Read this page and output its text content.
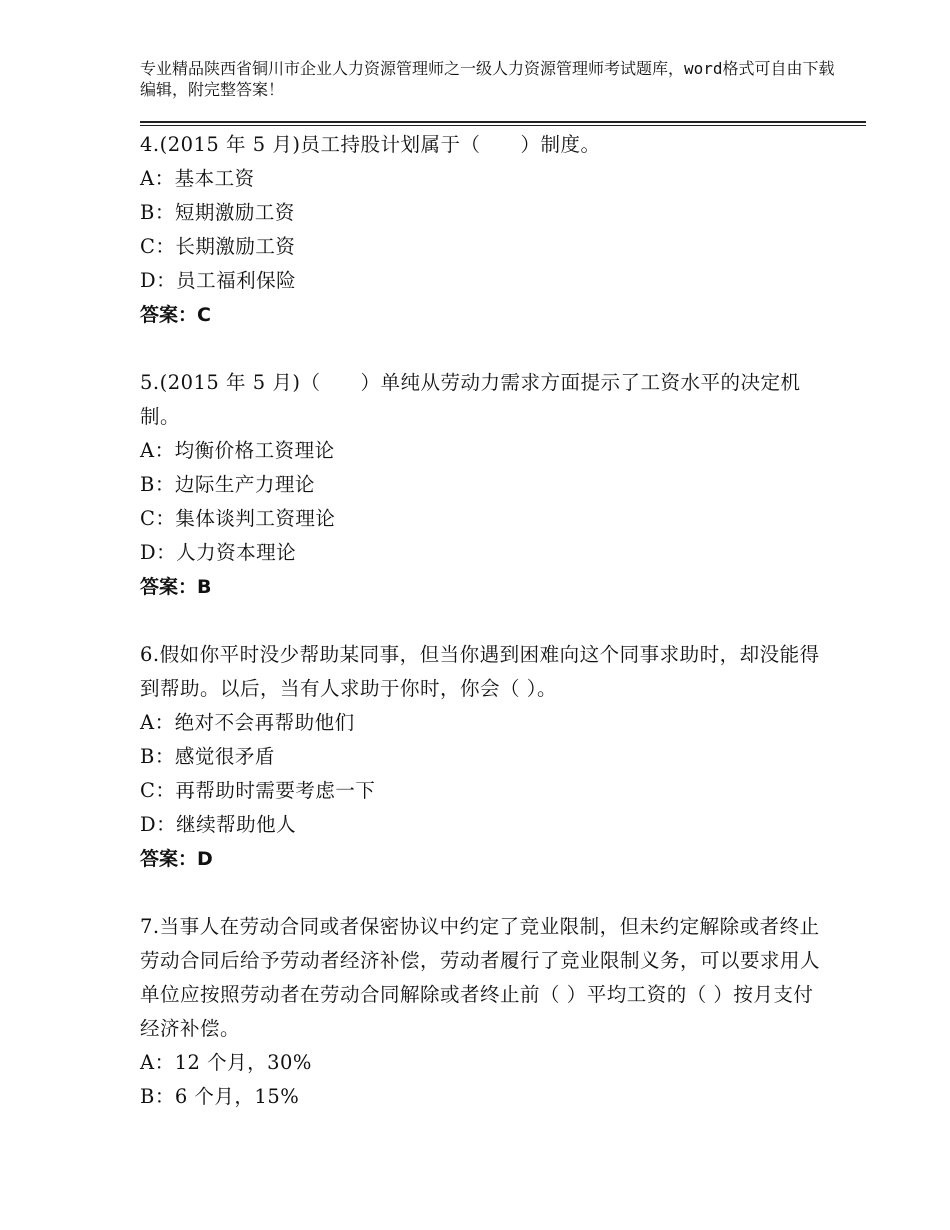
专业精品陕西省铜川市企业人力资源管理师之一级人力资源管理师考试题库，word格式可自由下载编辑，附完整答案！
4.(2015 年 5 月)员工持股计划属于（　　）制度。
A：基本工资
B：短期激励工资
C：长期激励工资
D：员工福利保险
答案：C
5.(2015 年 5 月)（　　）单纯从劳动力需求方面提示了工资水平的决定机制。
A：均衡价格工资理论
B：边际生产力理论
C：集体谈判工资理论
D：人力资本理论
答案：B
6.假如你平时没少帮助某同事，但当你遇到困难向这个同事求助时，却没能得到帮助。以后，当有人求助于你时，你会（ ）。
A：绝对不会再帮助他们
B：感觉很矛盾
C：再帮助时需要考虑一下
D：继续帮助他人
答案：D
7.当事人在劳动合同或者保密协议中约定了竞业限制，但未约定解除或者终止劳动合同后给予劳动者经济补偿，劳动者履行了竞业限制义务，可以要求用人单位应按照劳动者在劳动合同解除或者终止前（ ）平均工资的（ ）按月支付经济补偿。
A：12 个月，30%
B：6 个月，15%
